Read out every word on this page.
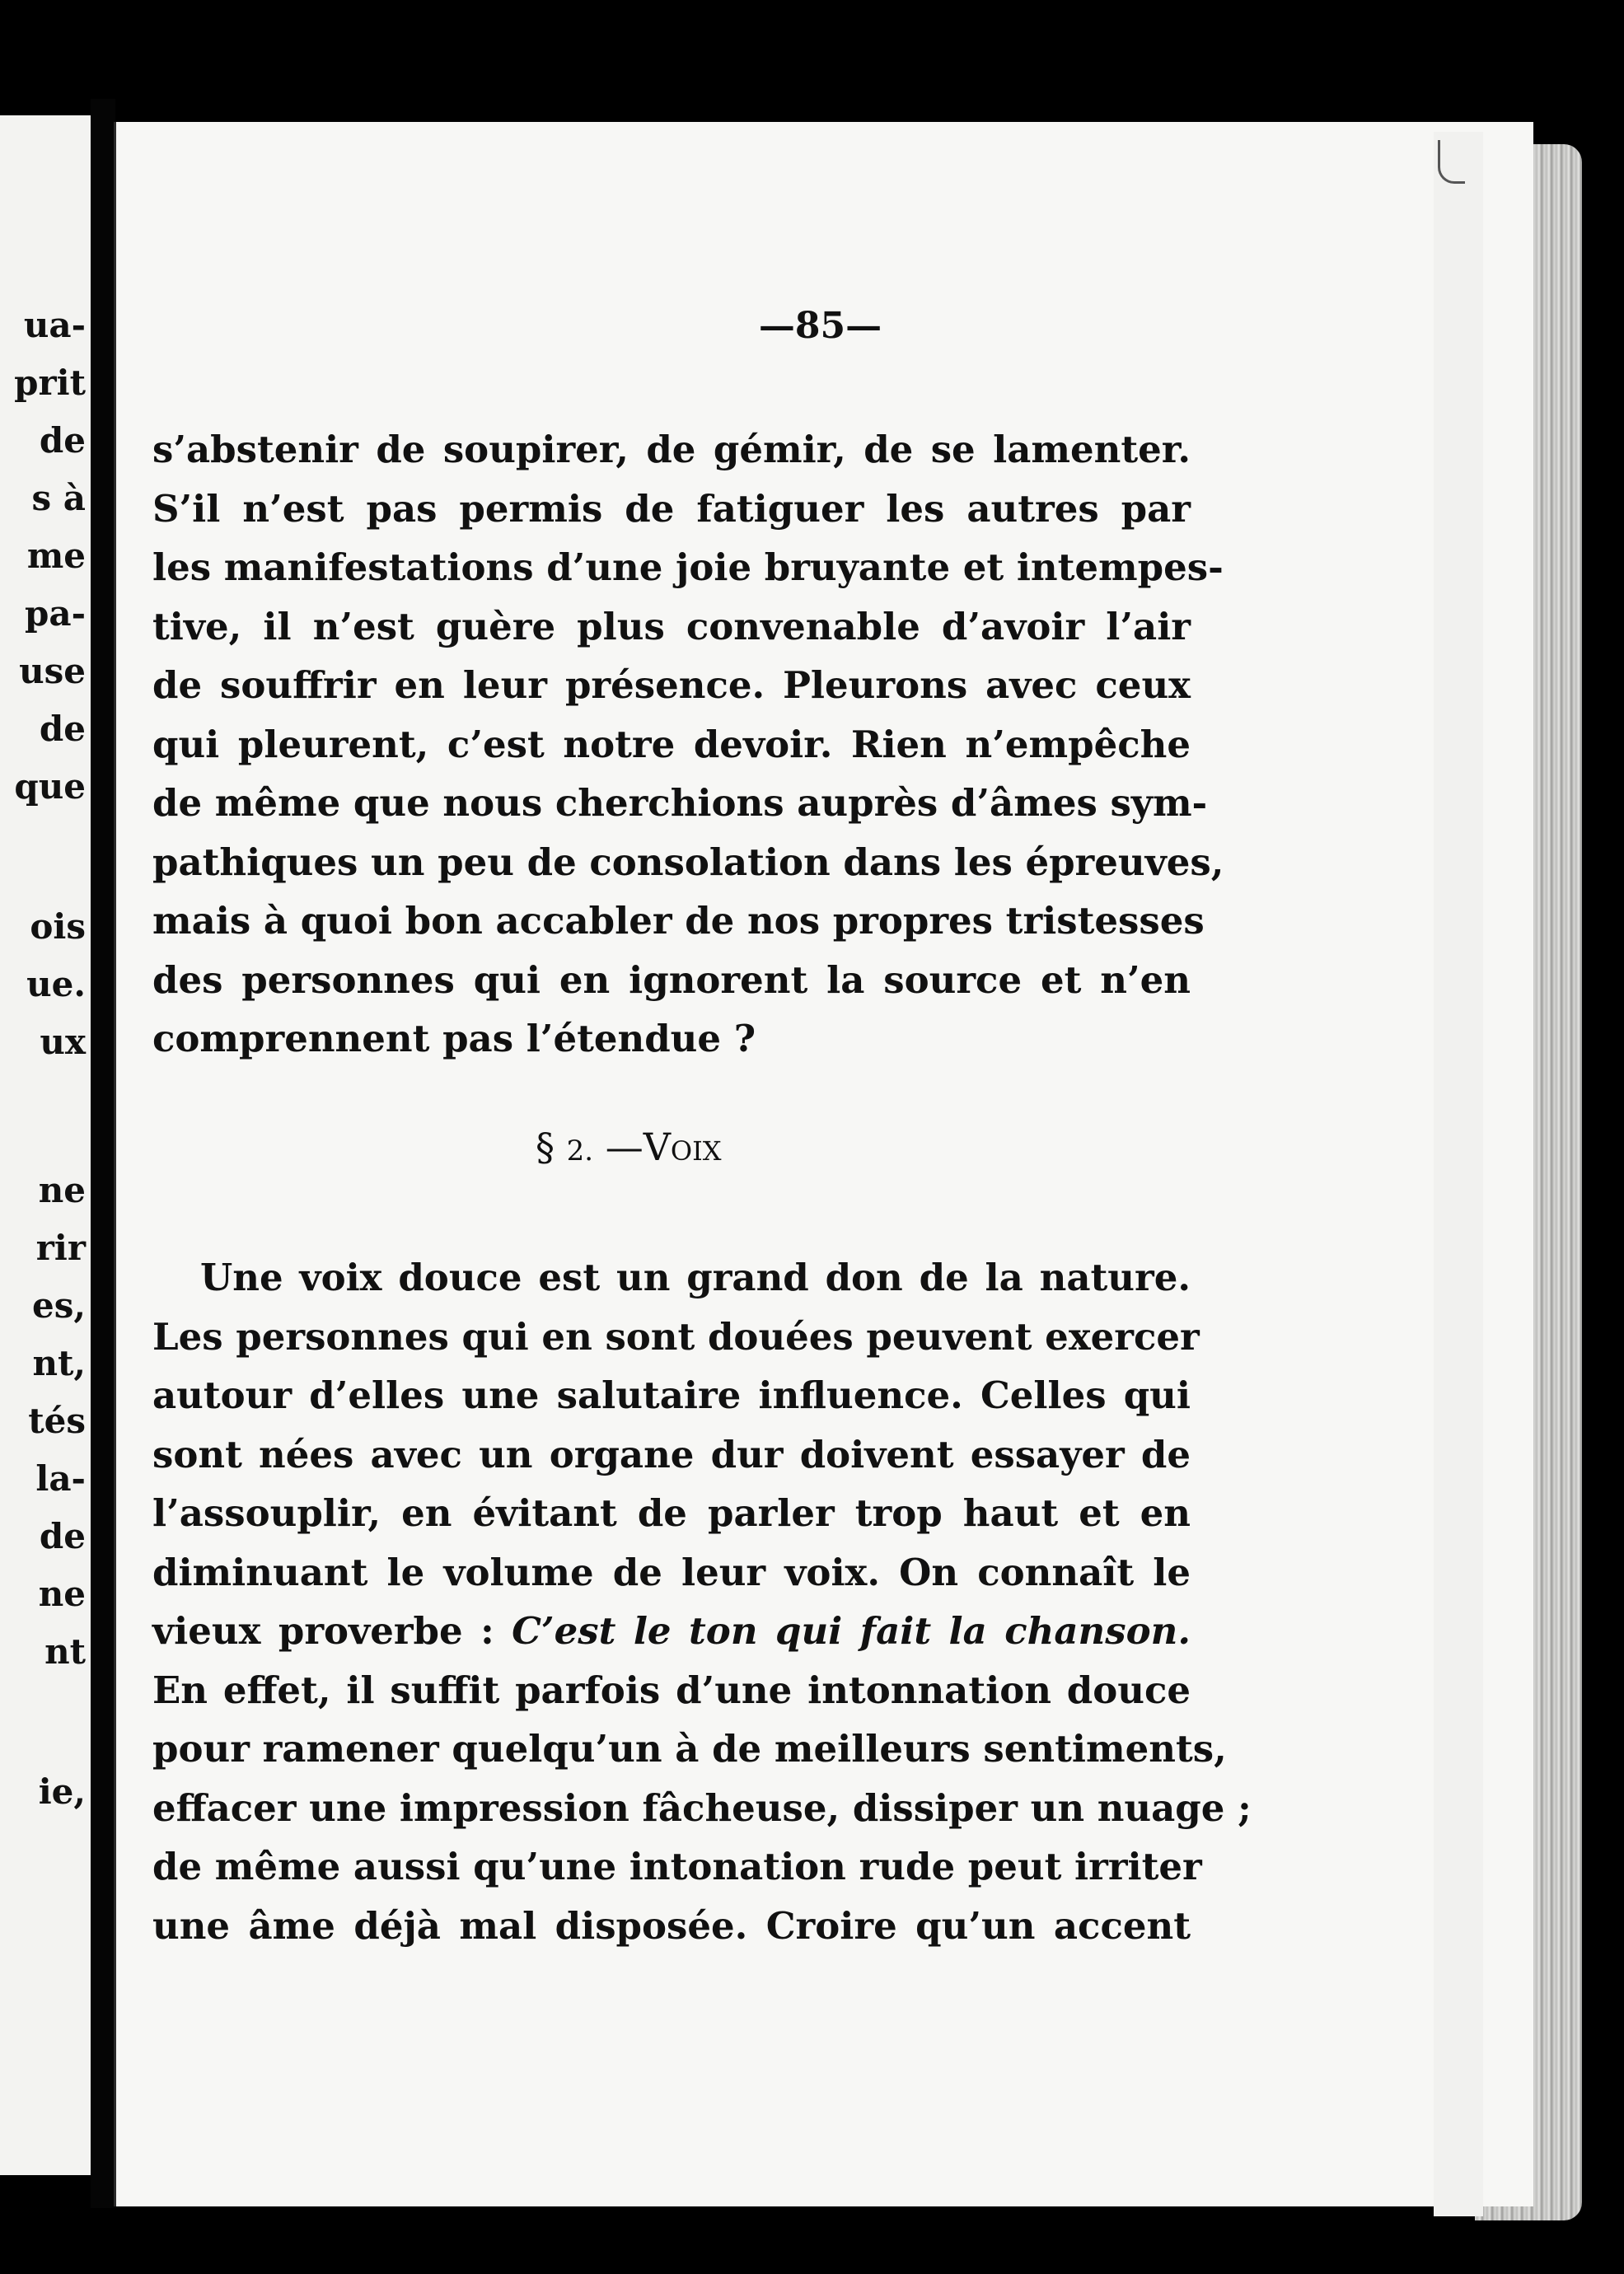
ua-
prit
de
s à
me
pa-
use
de
que
ois
ue.
ux
ne
rir
es,
nt,
tés
la-
de
ne
nt
ie,
—85—
s’abstenir de soupirer, de gémir, de se lamenter.
S’il n’est pas permis de fatiguer les autres par
les manifestations d’une joie bruyante et intempes-
tive, il n’est guère plus convenable d’avoir l’air
de souffrir en leur présence. Pleurons avec ceux
qui pleurent, c’est notre devoir. Rien n’empêche
de même que nous cherchions auprès d’âmes sym-
pathiques un peu de consolation dans les épreuves,
mais à quoi bon accabler de nos propres tristesses
des personnes qui en ignorent la source et n’en
comprennent pas l’étendue ?
§ 2. —Voix
Une voix douce est un grand don de la nature.
Les personnes qui en sont douées peuvent exercer
autour d’elles une salutaire influence. Celles qui
sont nées avec un organe dur doivent essayer de
l’assouplir, en évitant de parler trop haut et en
diminuant le volume de leur voix. On connaît le
vieux proverbe : C’est le ton qui fait la chanson.
En effet, il suffit parfois d’une intonnation douce
pour ramener quelqu’un à de meilleurs sentiments,
effacer une impression fâcheuse, dissiper un nuage ;
de même aussi qu’une intonation rude peut irriter
une âme déjà mal disposée. Croire qu’un accent
